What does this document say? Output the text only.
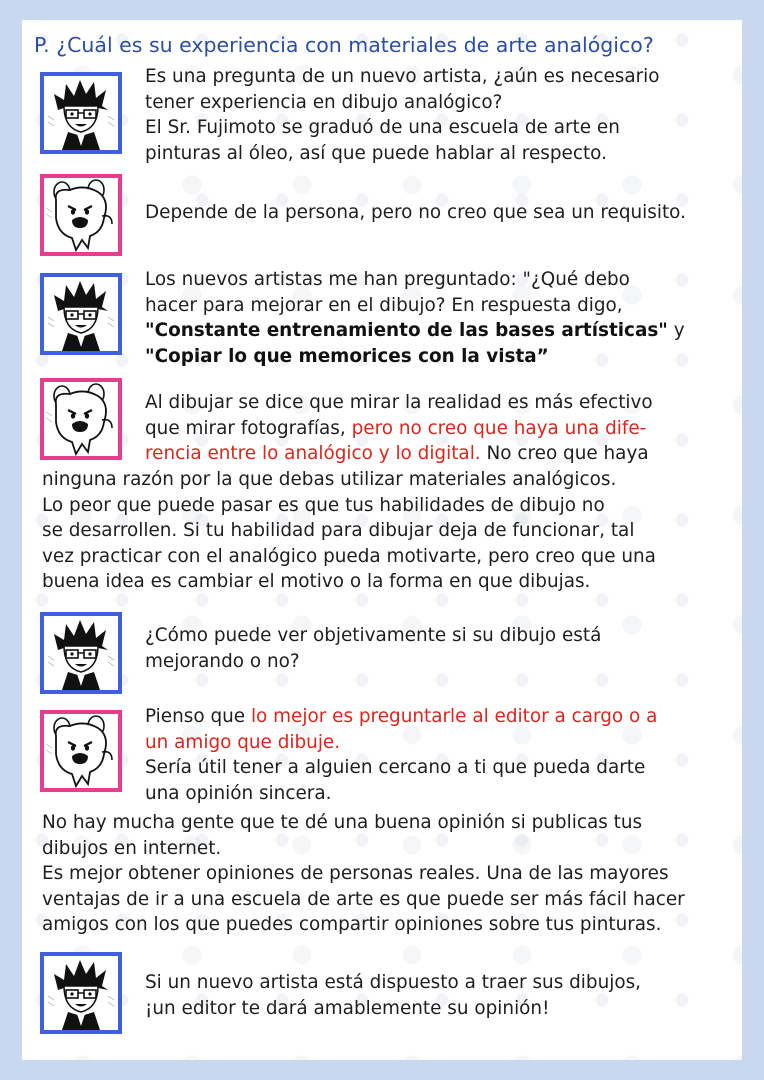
P. ¿Cuál es su experiencia con materiales de arte analógico?
Es una pregunta de un nuevo artista, ¿aún es necesario
tener experiencia en dibujo analógico?
El Sr. Fujimoto se graduó de una escuela de arte en
pinturas al óleo, así que puede hablar al respecto.
Depende de la persona, pero no creo que sea un requisito.
Los nuevos artistas me han preguntado: "¿Qué debo
hacer para mejorar en el dibujo? En respuesta digo,
"Constante entrenamiento de las bases artísticas" y
"Copiar lo que memorices con la vista”
Al dibujar se dice que mirar la realidad es más efectivo
que mirar fotografías, pero no creo que haya una dife-
rencia entre lo analógico y lo digital. No creo que haya
ninguna razón por la que debas utilizar materiales analógicos.
Lo peor que puede pasar es que tus habilidades de dibujo no
se desarrollen. Si tu habilidad para dibujar deja de funcionar, tal
vez practicar con el analógico pueda motivarte, pero creo que una
buena idea es cambiar el motivo o la forma en que dibujas.
¿Cómo puede ver objetivamente si su dibujo está
mejorando o no?
Pienso que lo mejor es preguntarle al editor a cargo o a
un amigo que dibuje.
Sería útil tener a alguien cercano a ti que pueda darte
una opinión sincera.
No hay mucha gente que te dé una buena opinión si publicas tus
dibujos en internet.
Es mejor obtener opiniones de personas reales. Una de las mayores
ventajas de ir a una escuela de arte es que puede ser más fácil hacer
amigos con los que puedes compartir opiniones sobre tus pinturas.
Si un nuevo artista está dispuesto a traer sus dibujos,
¡un editor te dará amablemente su opinión!
